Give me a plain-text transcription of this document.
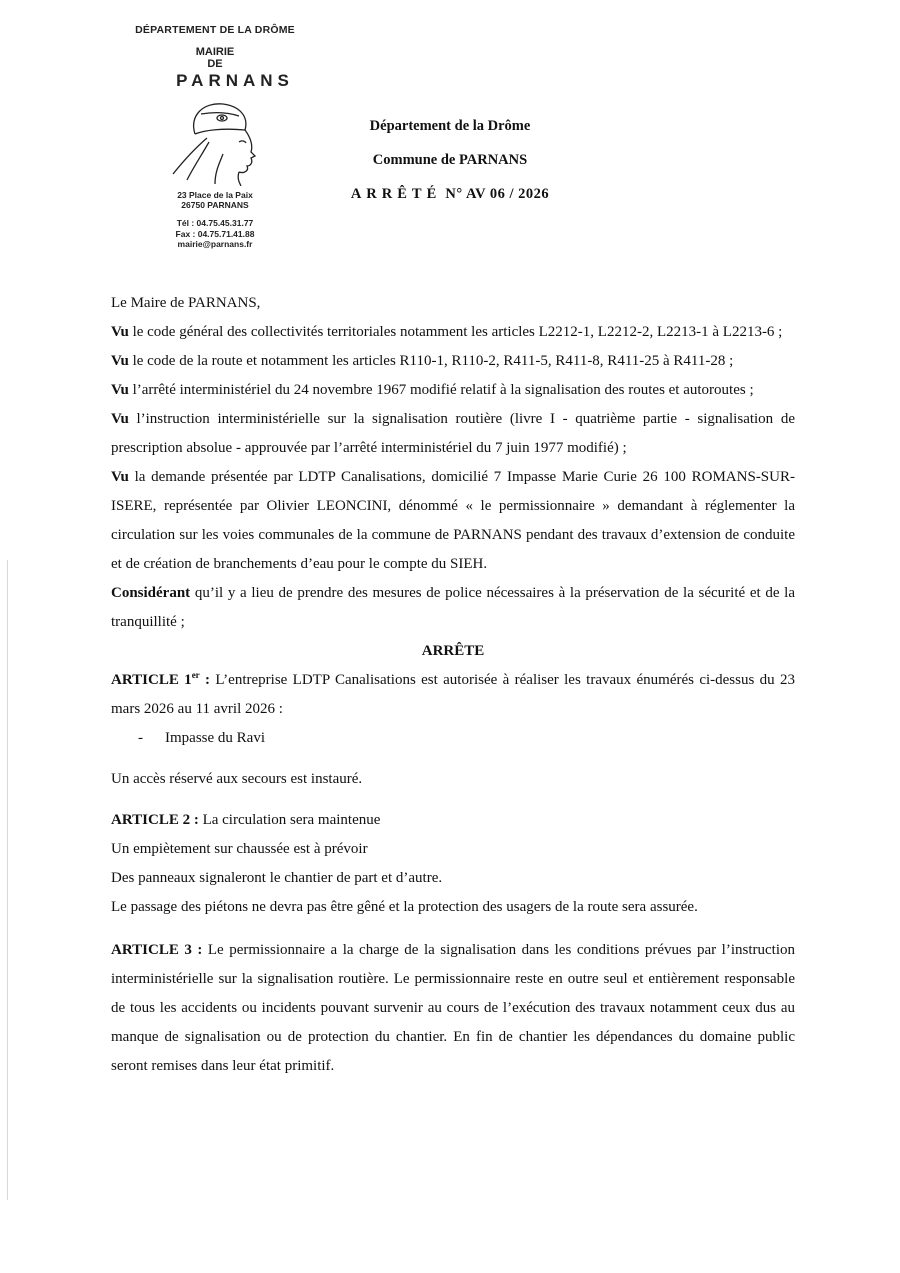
DÉPARTEMENT DE LA DRÔME
MAIRIE
DE
PARNANS
23 Place de la Paix
26750 PARNANS
Tél : 04.75.45.31.77
Fax : 04.75.71.41.88
mairie@parnans.fr
Département de la Drôme
Commune de PARNANS
ARRÊTÉ N° AV 06 / 2026

Le Maire de PARNANS,

Vu le code général des collectivités territoriales notamment les articles L2212-1, L2212-2, L2213-1 à L2213-6 ;

Vu le code de la route et notamment les articles R110-1, R110-2, R411-5, R411-8, R411-25 à R411-28 ;

Vu l’arrêté interministériel du 24 novembre 1967 modifié relatif à la signalisation des routes et autoroutes ;

Vu l’instruction interministérielle sur la signalisation routière (livre I - quatrième partie - signalisation de prescription absolue - approuvée par l’arrêté interministériel du 7 juin 1977 modifié) ;

Vu la demande présentée par LDTP Canalisations, domicilié 7 Impasse Marie Curie 26 100 ROMANS-SUR-ISERE, représentée par Olivier LEONCINI, dénommé « le permissionnaire » demandant à réglementer la circulation sur les voies communales de la commune de PARNANS pendant des travaux d’extension de conduite et de création de branchements d’eau pour le compte du SIEH.

Considérant qu’il y a lieu de prendre des mesures de police nécessaires à la préservation de la sécurité et de la tranquillité ;

ARRÊTE

ARTICLE 1er : L’entreprise LDTP Canalisations est autorisée à réaliser les travaux énumérés ci-dessus du 23 mars 2026 au 11 avril 2026 :

- Impasse du Ravi

Un accès réservé aux secours est instauré.

ARTICLE 2 : La circulation sera maintenue

Un empiètement sur chaussée est à prévoir

Des panneaux signaleront le chantier de part et d’autre.

Le passage des piétons ne devra pas être gêné et la protection des usagers de la route sera assurée.

ARTICLE 3 : Le permissionnaire a la charge de la signalisation dans les conditions prévues par l’instruction interministérielle sur la signalisation routière. Le permissionnaire reste en outre seul et entièrement responsable de tous les accidents ou incidents pouvant survenir au cours de l’exécution des travaux notamment ceux dus au manque de signalisation ou de protection du chantier. En fin de chantier les dépendances du domaine public seront remises dans leur état primitif.
